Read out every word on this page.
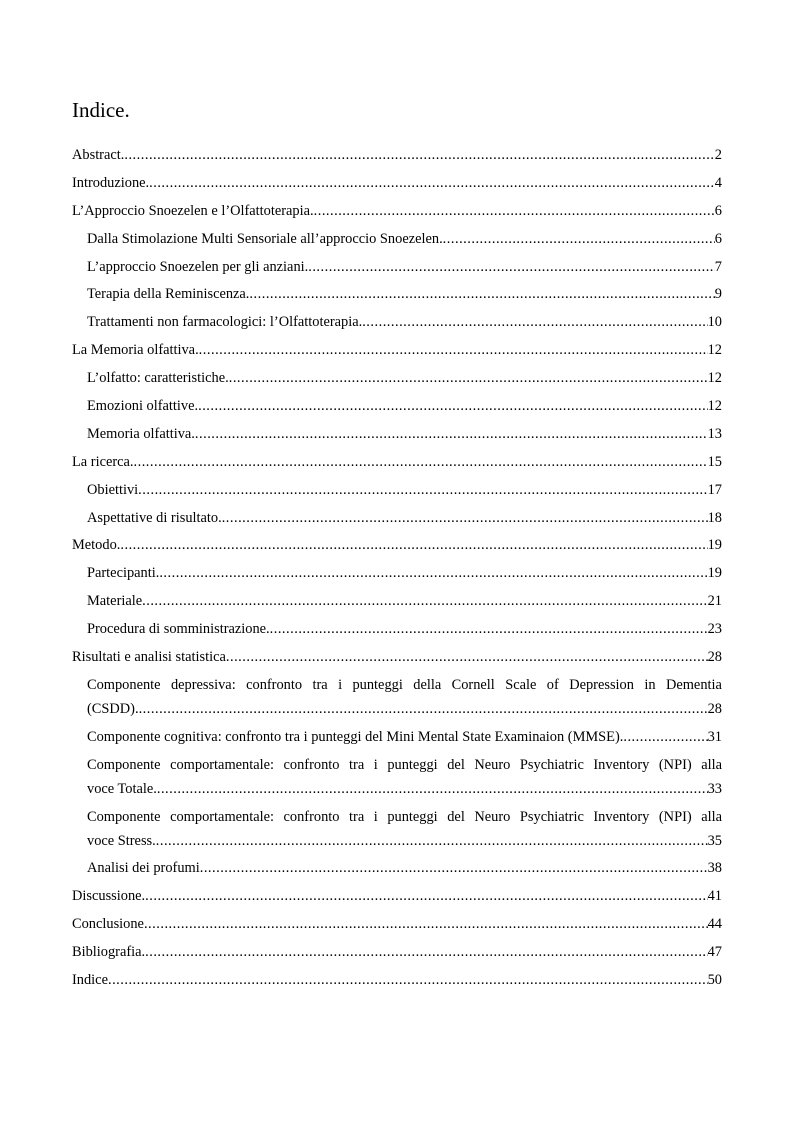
Indice.
Abstract. .....	2
Introduzione. .....	4
L’Approccio Snoezelen e l’Olfattoterapia. .....	6
Dalla Stimolazione Multi Sensoriale all’approccio Snoezelen. .....	6
L’approccio Snoezelen per gli anziani. .....	7
Terapia della Reminiscenza. .....	9
Trattamenti non farmacologici: l’Olfattoterapia. .....	10
La Memoria olfattiva. .....	12
L’olfatto: caratteristiche. .....	12
Emozioni olfattive. .....	12
Memoria olfattiva. .....	13
La ricerca. .....	15
Obiettivi .....	17
Aspettative di risultato. .....	18
Metodo. .....	19
Partecipanti. .....	19
Materiale .....	21
Procedura di somministrazione. .....	23
Risultati e analisi statistica .....	28
Componente depressiva: confronto tra i punteggi della Cornell Scale of Depression in Dementia
(CSDD). .....	28
Componente cognitiva: confronto tra i punteggi del Mini Mental State Examinaion (MMSE). .....	31
Componente comportamentale: confronto tra i punteggi del Neuro Psychiatric Inventory (NPI) alla
voce Totale. .....	33
Componente comportamentale: confronto tra i punteggi del Neuro Psychiatric Inventory (NPI) alla
voce Stress. .....	35
Analisi dei profumi .....	38
Discussione. .....	41
Conclusione .....	44
Bibliografia. .....	47
Indice .....	50
